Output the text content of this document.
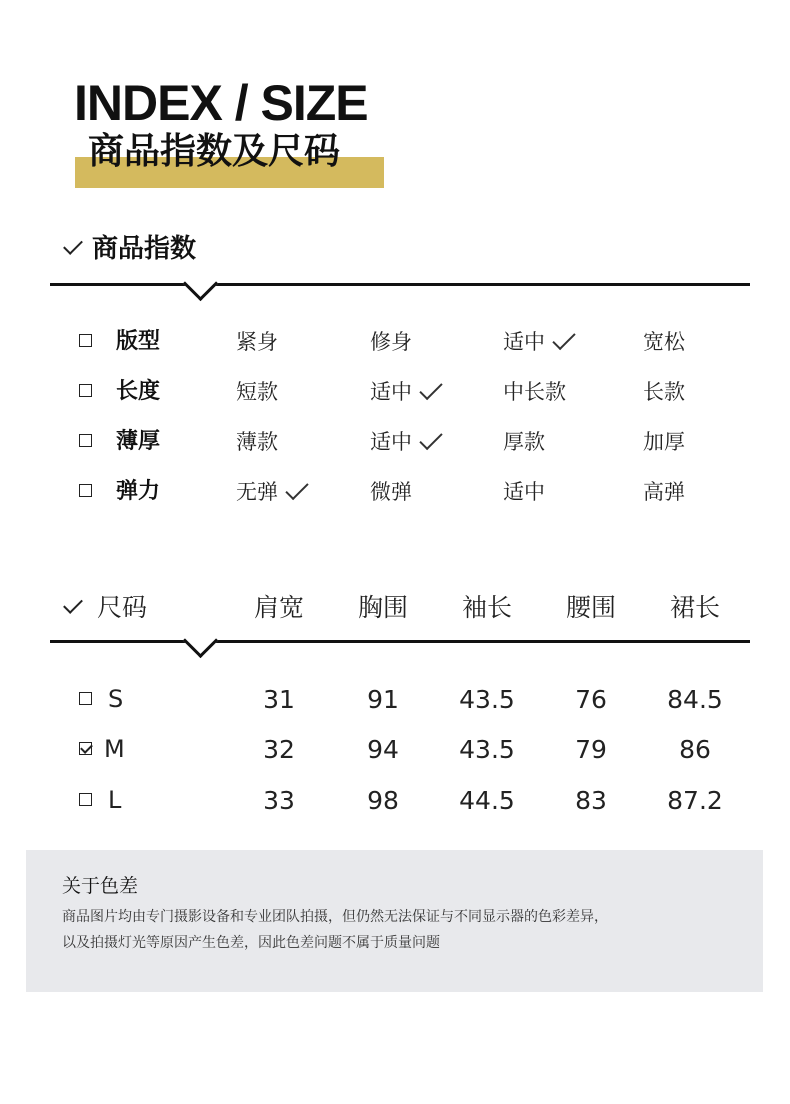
INDEX / SIZE
商品指数及尺码
商品指数
版型	紧身	修身	适中	宽松
长度	短款	适中	中长款	长款
薄厚	薄款	适中	厚款	加厚
弹力	无弹	微弹	适中	高弹
尺码	肩宽	胸围	袖长	腰围	裙长
S	31	91	43.5	76	84.5
M	32	94	43.5	79	86
L	33	98	44.5	83	87.2
关于色差
商品图片均由专门摄影设备和专业团队拍摄，但仍然无法保证与不同显示器的色彩差异，
以及拍摄灯光等原因产生色差，因此色差问题不属于质量问题
